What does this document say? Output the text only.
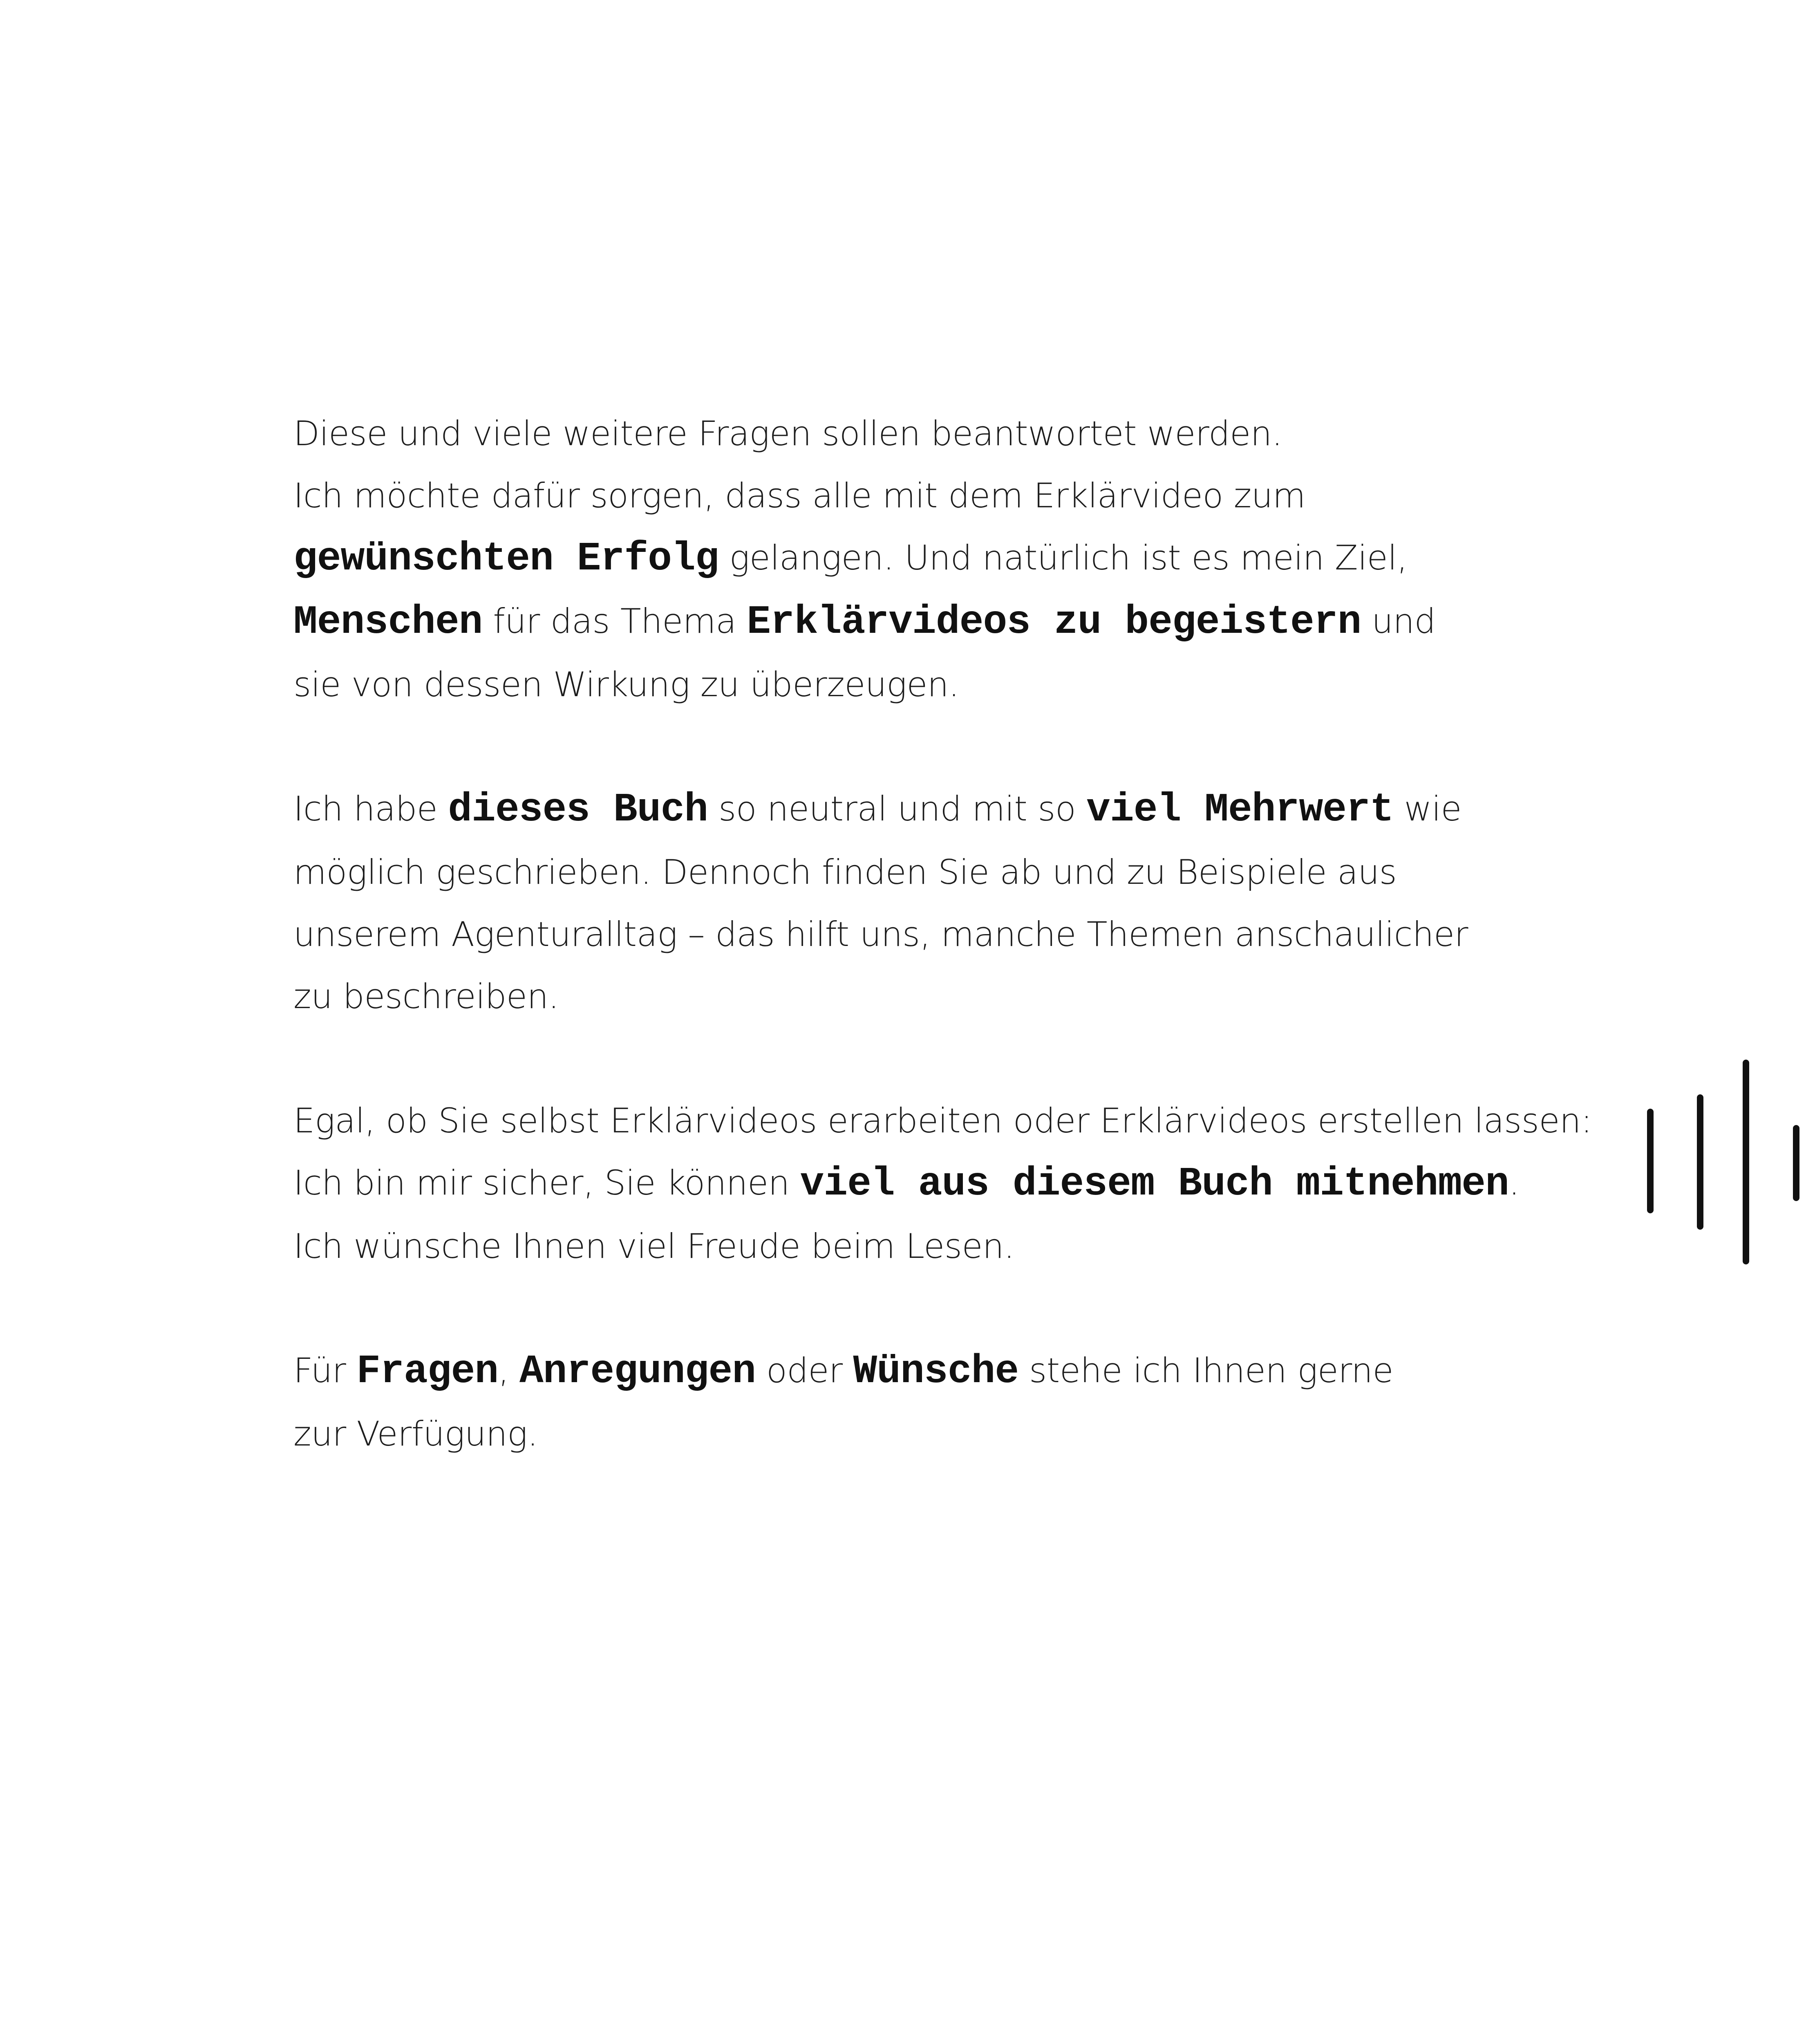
Diese und viele weitere Fragen sollen beantwortet werden.
Ich möchte dafür sorgen, dass alle mit dem Erklärvideo zum
gewünschten Erfolg gelangen. Und natürlich ist es mein Ziel,
Menschen für das Thema Erklärvideos zu begeistern und
sie von dessen Wirkung zu überzeugen.
Ich habe dieses Buch so neutral und mit so viel Mehrwert wie
möglich geschrieben. Dennoch finden Sie ab und zu Beispiele aus
unserem Agenturalltag – das hilft uns, manche Themen anschaulicher
zu beschreiben.
Egal, ob Sie selbst Erklärvideos erarbeiten oder Erklärvideos erstellen lassen:
Ich bin mir sicher, Sie können viel aus diesem Buch mitnehmen.
Ich wünsche Ihnen viel Freude beim Lesen.
Für Fragen, Anregungen oder Wünsche stehe ich Ihnen gerne
zur Verfügung.
